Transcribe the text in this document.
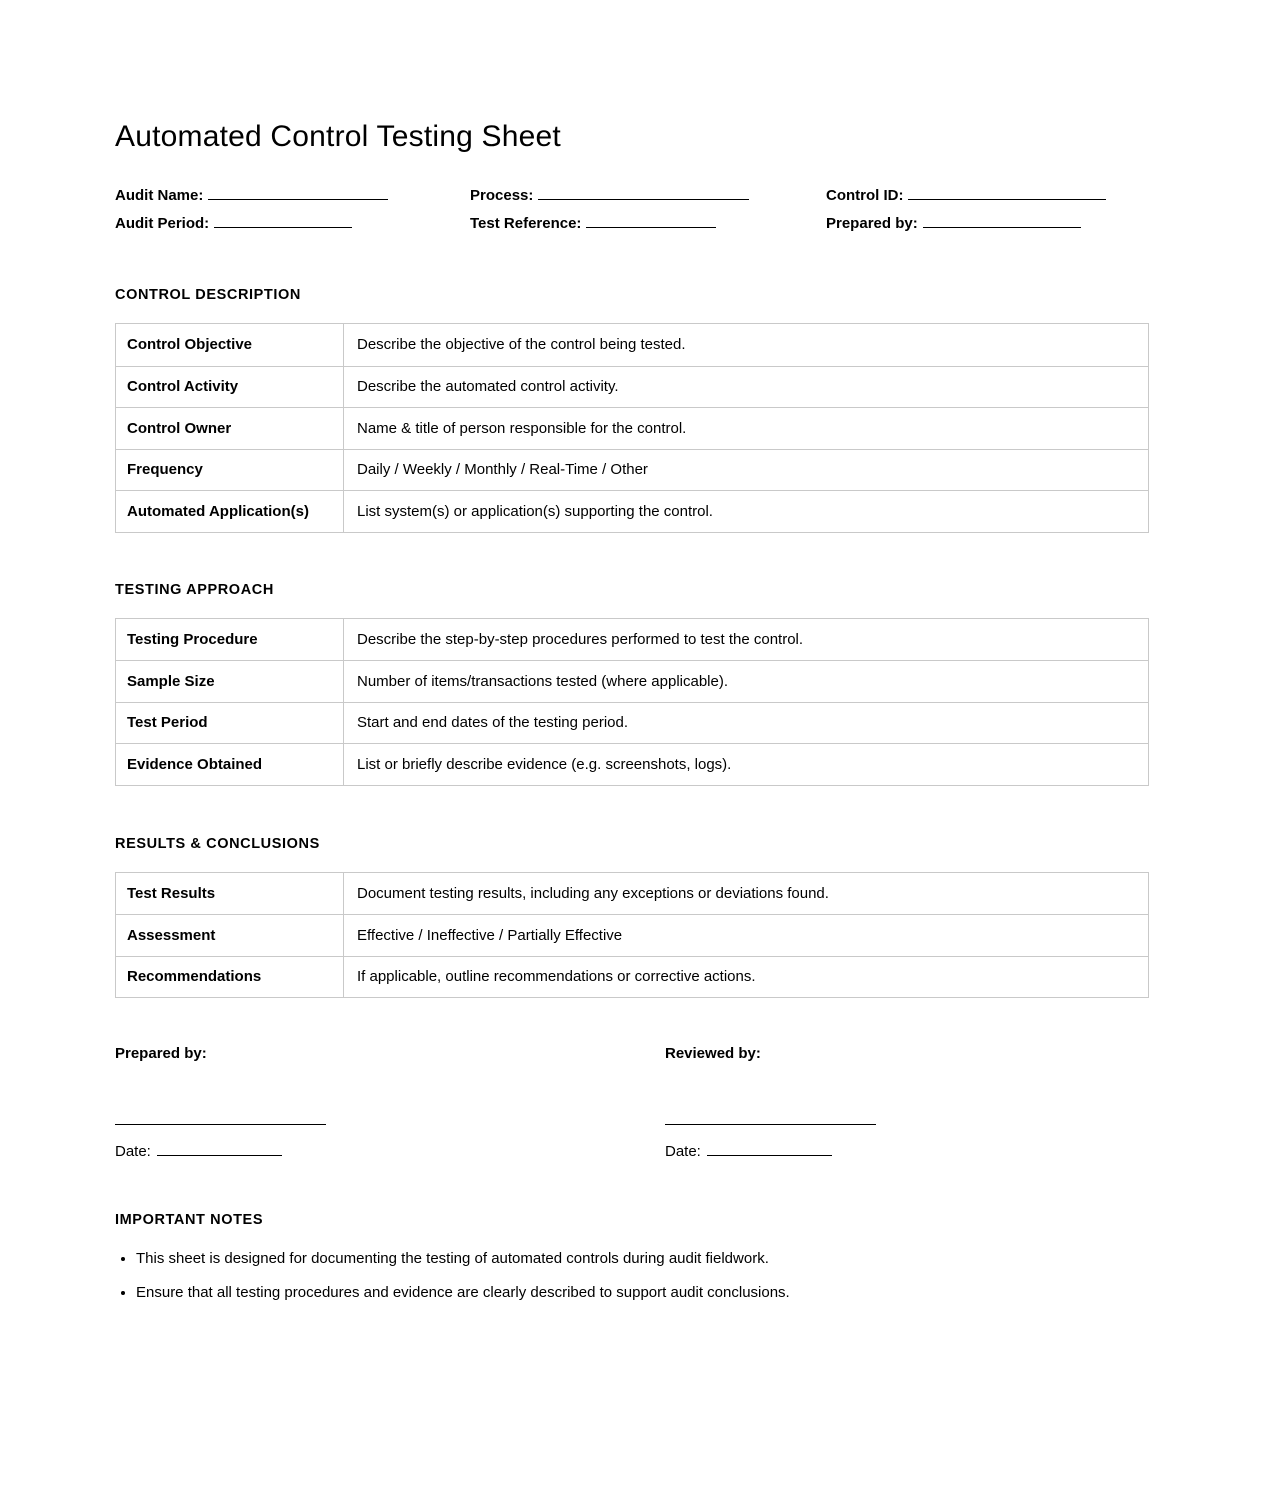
Automated Control Testing Sheet
Audit Name:	Process:	Control ID:
Audit Period:	Test Reference:	Prepared by:
CONTROL DESCRIPTION
Control Objective	Describe the objective of the control being tested.
Control Activity	Describe the automated control activity.
Control Owner	Name & title of person responsible for the control.
Frequency	Daily / Weekly / Monthly / Real-Time / Other
Automated Application(s)	List system(s) or application(s) supporting the control.
TESTING APPROACH
Testing Procedure	Describe the step-by-step procedures performed to test the control.
Sample Size	Number of items/transactions tested (where applicable).
Test Period	Start and end dates of the testing period.
Evidence Obtained	List or briefly describe evidence (e.g. screenshots, logs).
RESULTS & CONCLUSIONS
Test Results	Document testing results, including any exceptions or deviations found.
Assessment	Effective / Ineffective / Partially Effective
Recommendations	If applicable, outline recommendations or corrective actions.
Prepared by:
Date:
Reviewed by:
Date:
IMPORTANT NOTES
• This sheet is designed for documenting the testing of automated controls during audit fieldwork.
• Ensure that all testing procedures and evidence are clearly described to support audit conclusions.
